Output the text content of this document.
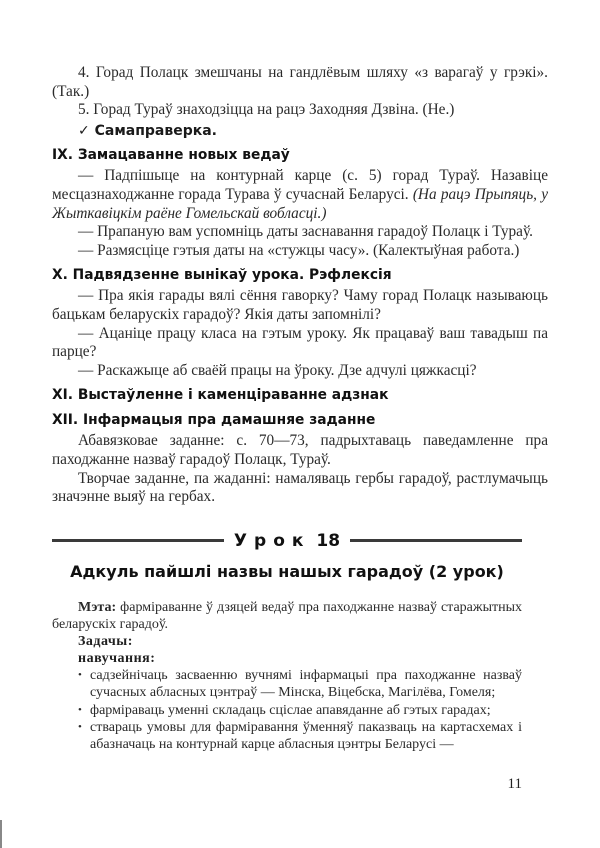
4. Горад Полацк змешчаны на гандлёвым шляху «з варагаў у грэкі». (Так.)

5. Горад Тураў знаходзіцца на рацэ Заходняя Дзвіна. (Не.)

✓ Самаправерка.

IX. Замацаванне новых ведаў

— Падпішыце на контурнай карце (с. 5) горад Тураў. Назавіце месцазнаходжанне горада Турава ў сучаснай Беларусі. (На рацэ Прыпяць, у Жыткавіцкім раёне Гомельскай вобласці.)

— Прапаную вам успомніць даты заснавання гарадоў Полацк і Тураў.

— Размясціце гэтыя даты на «стужцы часу». (Калектыўная работа.)

X. Падвядзенне вынікаў урока. Рэфлексія

— Пра якія гарады вялі сёння гаворку? Чаму горад Полацк называюць бацькам беларускіх гарадоў? Якія даты запомнілі?

— Ацаніце працу класа на гэтым уроку. Як працаваў ваш тавадыш па парце?

— Раскажыце аб сваёй працы на ўроку. Дзе адчулі цяжкасці?

XI. Выстаўленне і каменціраванне адзнак
XII. Інфармацыя пра дамашняе заданне

Абавязковае заданне: с. 70—73, падрыхтаваць паведамленне пра паходжанне назваў гарадоў Полацк, Тураў.

Творчае заданне, па жаданні: намаляваць гербы гарадоў, растлумачыць значэнне выяў на гербах.

Урок 18
Адкуль пайшлі назвы нашых гарадоў (2 урок)

Мэта: фарміраванне ў дзяцей ведаў пра паходжанне назваў старажытных беларускіх гарадоў.

Задачы:
навучання:
• садзейнічаць засваенню вучнямі інфармацыі пра паходжанне назваў сучасных абласных цэнтраў — Мінска, Віцебска, Магілёва, Гомеля;
• фарміраваць уменні складаць сціслае апавяданне аб гэтых гарадах;
• ствараць умовы для фарміравання ўменняў паказваць на картасхемах і абазначаць на контурнай карце абласныя цэнтры Беларусі —
11
